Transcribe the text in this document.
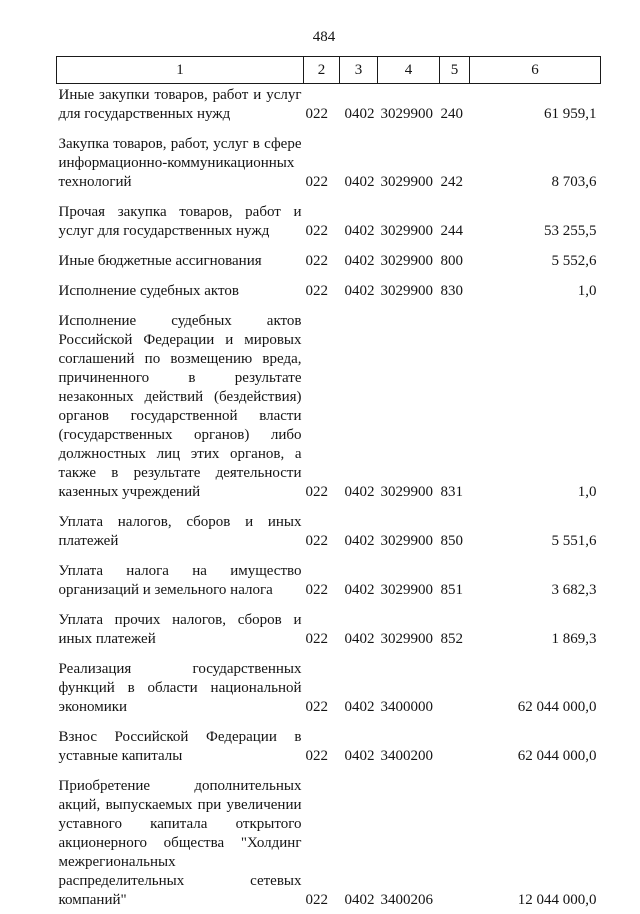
484
1	2	3	4	5	6
Иные закупки товаров, работ и услуг для государственных нужд	022	0402	3029900	240	61 959,1
Закупка товаров, работ, услуг в сфере информационно-коммуникационных технологий	022	0402	3029900	242	8 703,6
Прочая закупка товаров, работ и услуг для государственных нужд	022	0402	3029900	244	53 255,5
Иные бюджетные ассигнования	022	0402	3029900	800	5 552,6
Исполнение судебных актов	022	0402	3029900	830	1,0
Исполнение судебных актов Российской Федерации и мировых соглашений по возмещению вреда, причиненного в результате незаконных действий (бездействия) органов государственной власти (государственных органов) либо должностных лиц этих органов, а также в результате деятельности казенных учреждений	022	0402	3029900	831	1,0
Уплата налогов, сборов и иных платежей	022	0402	3029900	850	5 551,6
Уплата налога на имущество организаций и земельного налога	022	0402	3029900	851	3 682,3
Уплата прочих налогов, сборов и иных платежей	022	0402	3029900	852	1 869,3
Реализация государственных функций в области национальной экономики	022	0402	3400000		62 044 000,0
Взнос Российской Федерации в уставные капиталы	022	0402	3400200		62 044 000,0
Приобретение дополнительных акций, выпускаемых при увеличении уставного капитала открытого акционерного общества "Холдинг межрегиональных распределительных сетевых компаний"	022	0402	3400206		12 044 000,0
